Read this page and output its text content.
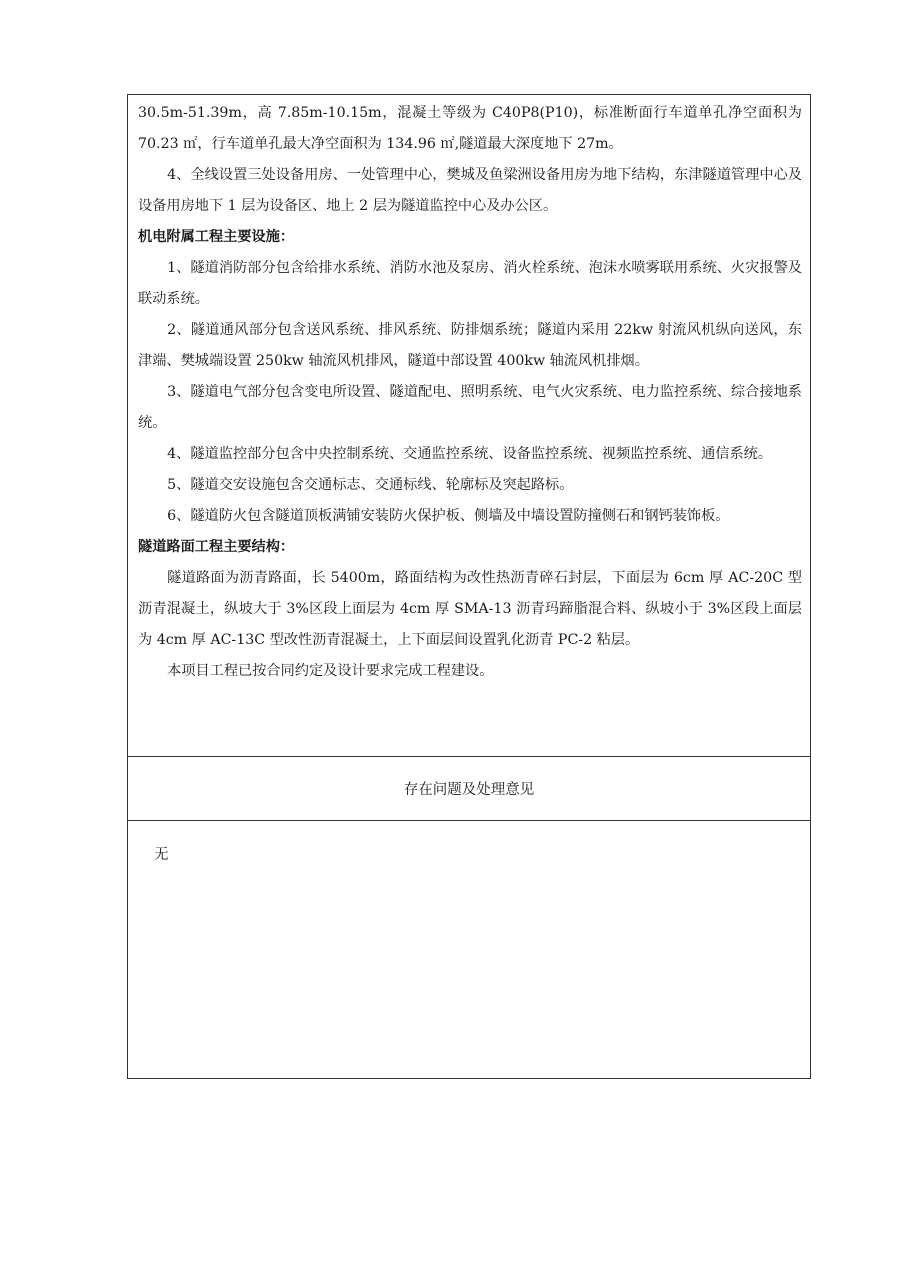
30.5m-51.39m，高 7.85m-10.15m，混凝土等级为 C40P8(P10)，标准断面行车道单孔净空面积为 70.23 ㎡，行车道单孔最大净空面积为 134.96 ㎡,隧道最大深度地下 27m。

4、全线设置三处设备用房、一处管理中心，樊城及鱼梁洲设备用房为地下结构，东津隧道管理中心及设备用房地下 1 层为设备区、地上 2 层为隧道监控中心及办公区。

机电附属工程主要设施：

1、隧道消防部分包含给排水系统、消防水池及泵房、消火栓系统、泡沫水喷雾联用系统、火灾报警及联动系统。

2、隧道通风部分包含送风系统、排风系统、防排烟系统；隧道内采用 22kw 射流风机纵向送风，东津端、樊城端设置 250kw 轴流风机排风，隧道中部设置 400kw 轴流风机排烟。

3、隧道电气部分包含变电所设置、隧道配电、照明系统、电气火灾系统、电力监控系统、综合接地系统。

4、隧道监控部分包含中央控制系统、交通监控系统、设备监控系统、视频监控系统、通信系统。

5、隧道交安设施包含交通标志、交通标线、轮廓标及突起路标。

6、隧道防火包含隧道顶板满铺安装防火保护板、侧墙及中墙设置防撞侧石和钢钙装饰板。

隧道路面工程主要结构：

隧道路面为沥青路面，长 5400m，路面结构为改性热沥青碎石封层，下面层为 6cm 厚 AC-20C 型沥青混凝土，纵坡大于 3%区段上面层为 4cm 厚 SMA-13 沥青玛蹄脂混合料、纵坡小于 3%区段上面层为 4cm 厚 AC-13C 型改性沥青混凝土，上下面层间设置乳化沥青 PC-2 粘层。

本项目工程已按合同约定及设计要求完成工程建设。

存在问题及处理意见
无
